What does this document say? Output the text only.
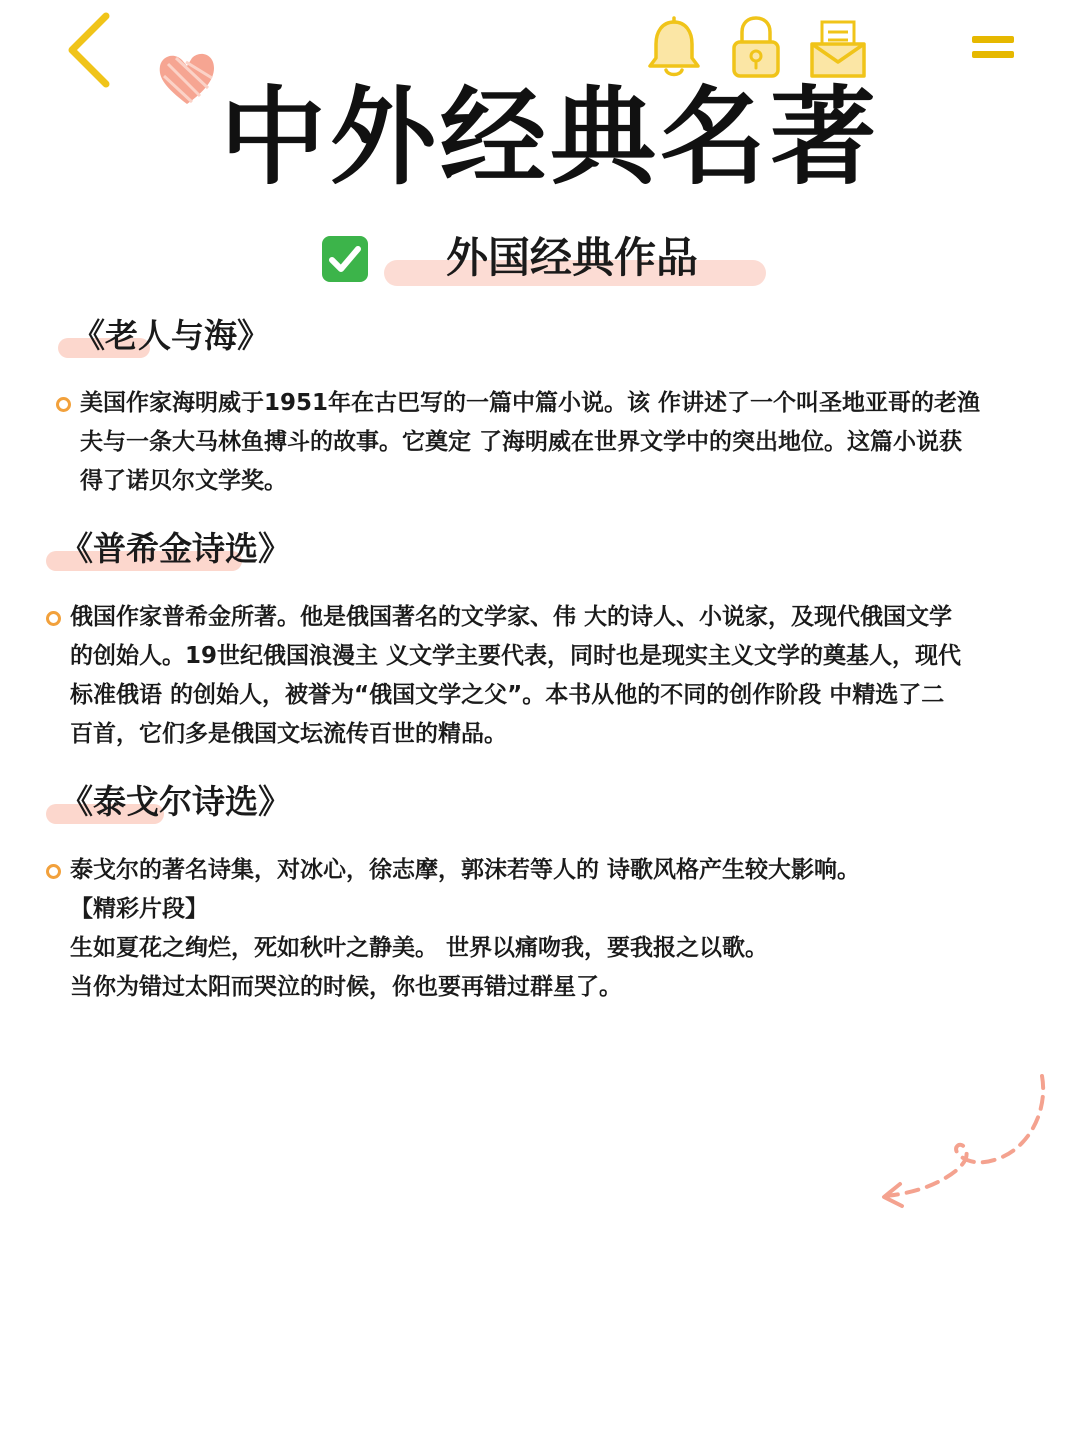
中外经典名著
外国经典作品
《老人与海》
美国作家海明威于1951年在古巴写的一篇中篇小说。该 作讲述了一个叫圣地亚哥的老渔
夫与一条大马林鱼搏斗的故事。它奠定 了海明威在世界文学中的突出地位。这篇小说获
得了诺贝尔文学奖。
《普希金诗选》
俄国作家普希金所著。他是俄国著名的文学家、伟 大的诗人、小说家，及现代俄国文学
的创始人。19世纪俄国浪漫主 义文学主要代表，同时也是现实主义文学的奠基人，现代
标准俄语 的创始人，被誉为“俄国文学之父”。本书从他的不同的创作阶段 中精选了二
百首，它们多是俄国文坛流传百世的精品。
《泰戈尔诗选》
泰戈尔的著名诗集，对冰心，徐志摩，郭沫若等人的 诗歌风格产生较大影响。
【精彩片段】
生如夏花之绚烂，死如秋叶之静美。 世界以痛吻我，要我报之以歌。
当你为错过太阳而哭泣的时候，你也要再错过群星了。
